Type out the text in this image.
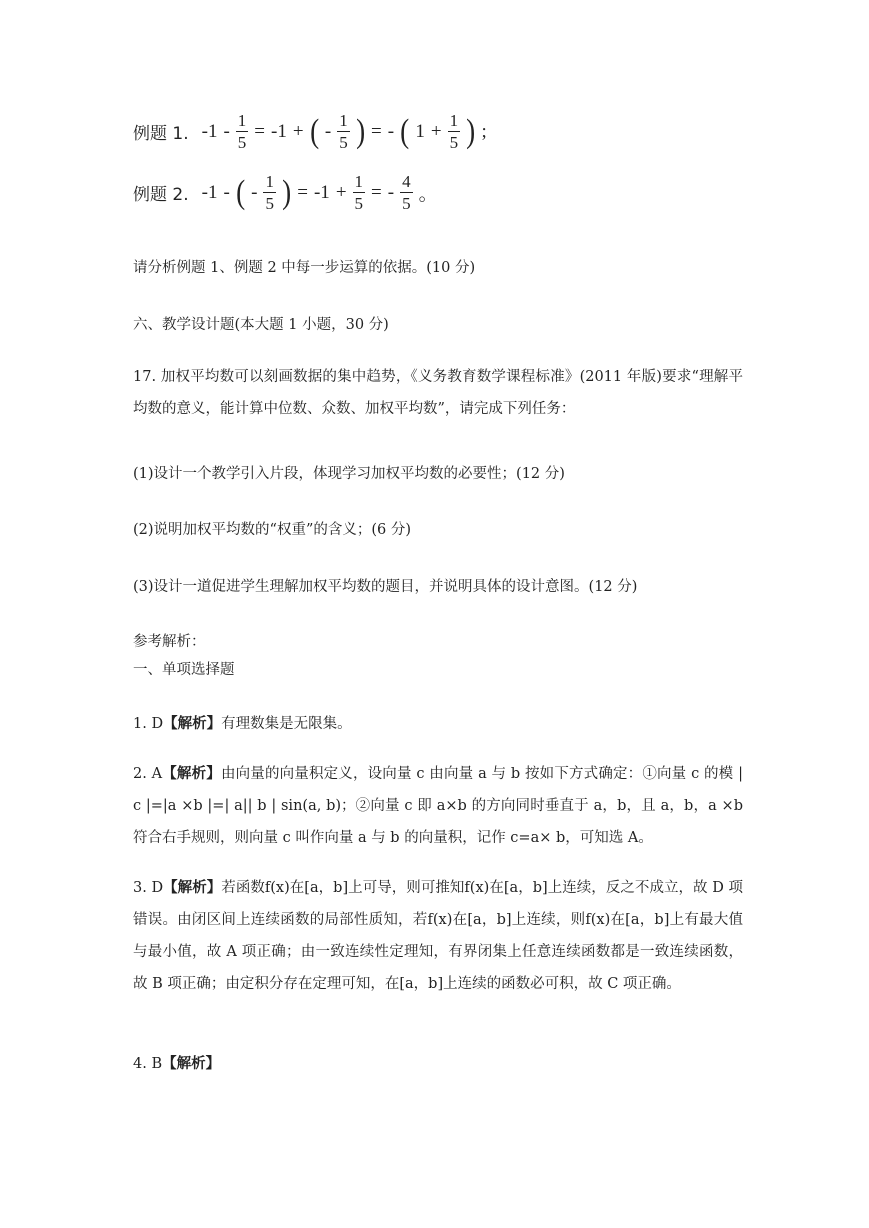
例题 1. $-1 - \frac{1}{5} = -1$ + ( - $\frac{1}{5}$ ) = - ( $1 + \frac{1}{5}$ ) ;
例题 2. -1 - ( - $\frac{1}{5}$ ) = $-1 + \frac{1}{5}$ = - $\frac{4}{5}$ 。
请分析例题 1、例题 2 中每一步运算的依据。(10 分)
六、教学设计题(本大题 1 小题，30 分)
17. 加权平均数可以刻画数据的集中趋势，《义务教育数学课程标准》(2011 年版)要求“理解平均数的意义，能计算中位数、众数、加权平均数”，请完成下列任务：
(1)设计一个教学引入片段，体现学习加权平均数的必要性；(12 分)
(2)说明加权平均数的“权重”的含义；(6 分)
(3)设计一道促进学生理解加权平均数的题目，并说明具体的设计意图。(12 分)
参考解析：
一、单项选择题
1. D【解析】有理数集是无限集。
2. A【解析】由向量的向量积定义，设向量 c 由向量 a 与 b 按如下方式确定：①向量 c 的模 | c |=|a ×b |=| a|| b | sin(a, b)；②向量 c 即 a×b 的方向同时垂直于 a，b，且 a，b，a ×b 符合右手规则，则向量 c 叫作向量 a 与 b 的向量积，记作 c=a× b，可知选 A。
3. D【解析】若函数f(x)在[a，b]上可导，则可推知f(x)在[a，b]上连续，反之不成立，故 D 项错误。由闭区间上连续函数的局部性质知，若f(x)在[a，b]上连续，则f(x)在[a，b]上有最大值与最小值，故 A 项正确；由一致连续性定理知，有界闭集上任意连续函数都是一致连续函数，故 B 项正确；由定积分存在定理可知，在[a，b]上连续的函数必可积，故 C 项正确。
4. B【解析】
